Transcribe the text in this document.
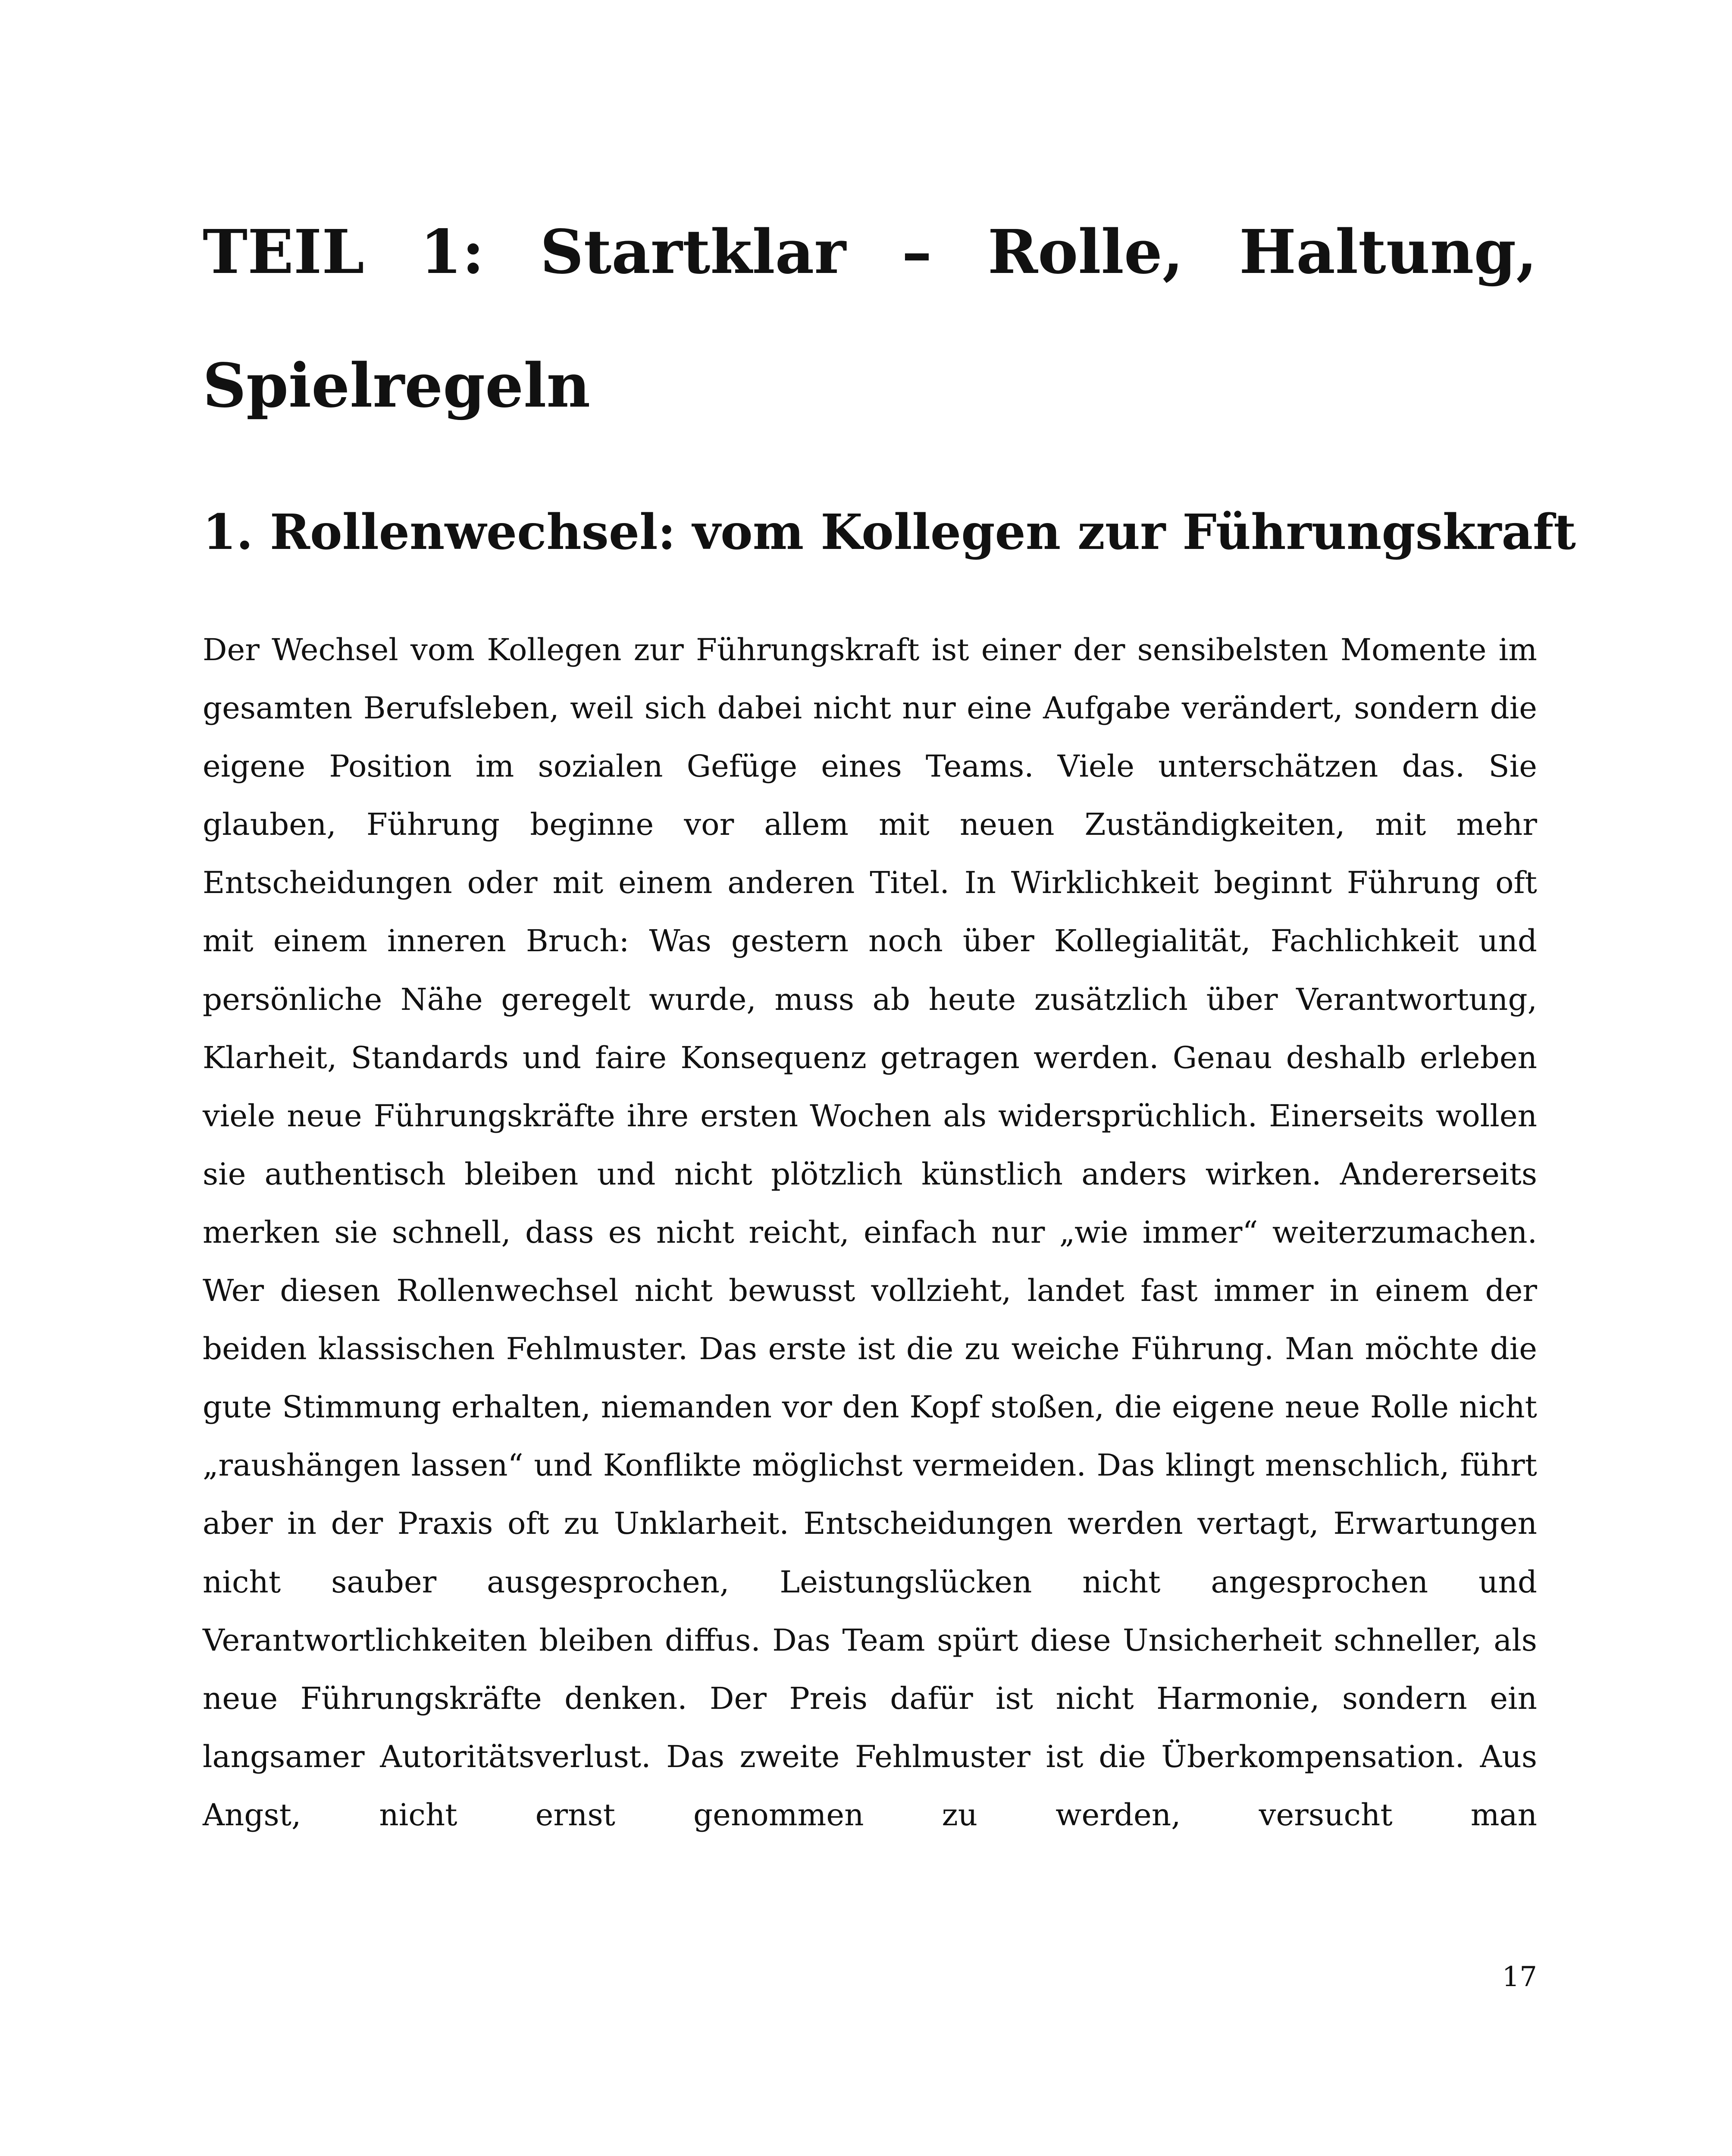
TEIL 1: Startklar – Rolle, Haltung, Spielregeln
1. Rollenwechsel: vom Kollegen zur Führungskraft

Der Wechsel vom Kollegen zur Führungskraft ist einer der sensibelsten Momente im gesamten Berufsleben, weil sich dabei nicht nur eine Aufgabe verändert, sondern die eigene Position im sozialen Gefüge eines Teams. Viele unterschätzen das. Sie glauben, Führung beginne vor allem mit neuen Zuständigkeiten, mit mehr Entscheidungen oder mit einem anderen Titel. In Wirklichkeit beginnt Führung oft mit einem inneren Bruch: Was gestern noch über Kollegialität, Fachlichkeit und persönliche Nähe geregelt wurde, muss ab heute zusätzlich über Verantwortung, Klarheit, Standards und faire Konsequenz getragen werden. Genau deshalb erleben viele neue Führungskräfte ihre ersten Wochen als widersprüchlich. Einerseits wollen sie authentisch bleiben und nicht plötzlich künstlich anders wirken. Andererseits merken sie schnell, dass es nicht reicht, einfach nur „wie immer“ weiterzumachen. Wer diesen Rollenwechsel nicht bewusst vollzieht, landet fast immer in einem der beiden klassischen Fehlmuster. Das erste ist die zu weiche Führung. Man möchte die gute Stimmung erhalten, niemanden vor den Kopf stoßen, die eigene neue Rolle nicht „raushängen lassen“ und Konflikte möglichst vermeiden. Das klingt menschlich, führt aber in der Praxis oft zu Unklarheit. Entscheidungen werden vertagt, Erwartungen nicht sauber ausgesprochen, Leistungslücken nicht angesprochen und Verantwortlichkeiten bleiben diffus. Das Team spürt diese Unsicherheit schneller, als neue Führungskräfte denken. Der Preis dafür ist nicht Harmonie, sondern ein langsamer Autoritätsverlust. Das zweite Fehlmuster ist die Überkompensation. Aus Angst, nicht ernst genommen zu werden, versucht man

17
